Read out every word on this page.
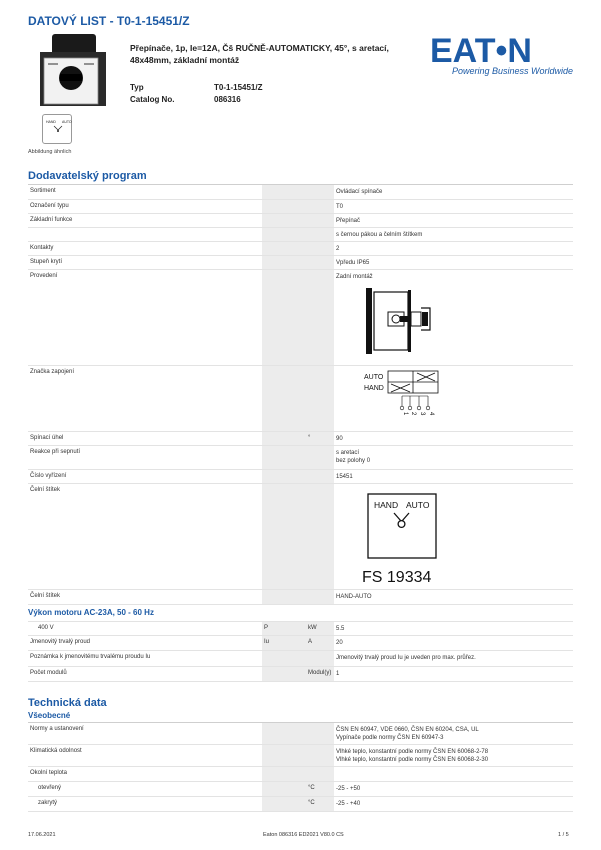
DATOVÝ LIST - T0-1-15451/Z
HAND AUTO
Abbildung ähnlich
Přepínače, 1p, Ie=12A, Čš RUČNĚ-AUTOMATICKY, 45°, s aretací,
48x48mm, základní montáž
Typ	T0-1-15451/Z
Catalog No.	086316
EAT•N
Powering Business Worldwide
Dodavatelský program
Sortiment	Ovládací spínače
Označení typu	T0
Základní funkce	Přepínač
s černou pákou a čelním štítkem
Kontakty	2
Stupeň krytí	Vpředu IP65
Provedení	Zadní montáž
Značka zapojení
AUTO
HAND
1 2 3 4
Spínací úhel	°	90
Reakce při sepnutí	s aretací
bez polohy 0
Číslo vyřízení	15451
Čelní štítek
HAND AUTO
FS 19334
Čelní štítek	HAND-AUTO
Výkon motoru AC-23A, 50 - 60 Hz
400 V	P	kW	5.5
Jmenovitý trvalý proud	Iu	A	20
Poznámka k jmenovitému trvalému proudu Iu	Jmenovitý trvalý proud Iu je uveden pro max. průřez.
Počet modulů	Modul(y) 1
Technická data
Všeobecné
Normy a ustanovení	ČSN EN 60947, VDE 0660, ČSN EN 60204, CSA, UL
Vypínače podle normy ČSN EN 60947-3
Klimatická odolnost	Vlhké teplo, konstantní podle normy ČSN EN 60068-2-78
Vlhké teplo, konstantní podle normy ČSN EN 60068-2-30
Okolní teplota
otevřený	°C	-25 - +50
zakrytý	°C	-25 - +40
17.06.2021	Eaton 086316 ED2021 V80.0 CS	1 / 5
